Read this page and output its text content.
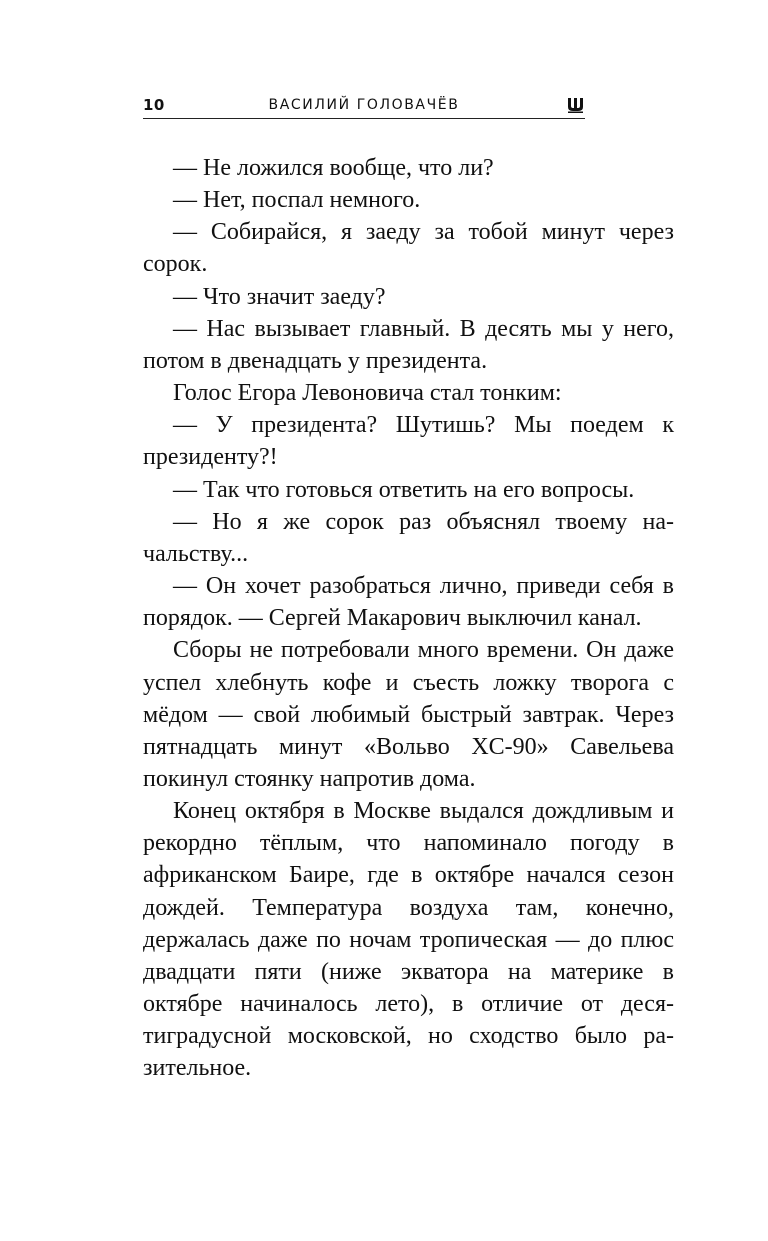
10	ВАСИЛИЙ ГОЛОВАЧЁВ

— Не ложился вообще, что ли?

— Нет, поспал немного.

— Собирайся, я заеду за тобой минут через сорок.

— Что значит заеду?

— Нас вызывает главный. В десять мы у него, потом в двенадцать у президента.

Голос Егора Левоновича стал тонким:

— У президента? Шутишь? Мы поедем к президенту?!

— Так что готовься ответить на его вопросы.

— Но я же сорок раз объяснял твоему начальству...

— Он хочет разобраться лично, приведи себя в порядок. — Сергей Макарович выключил канал.

Сборы не потребовали много времени. Он даже успел хлебнуть кофе и съесть ложку творога с мёдом — свой любимый быстрый завтрак. Через пятнадцать минут «Вольво XC-90» Савельева покинул стоянку напротив дома.

Конец октября в Москве выдался дождливым и рекордно тёплым, что напоминало погоду в африканском Баире, где в октябре начался сезон дождей. Температура воздуха там, конечно, держалась даже по ночам тропическая — до плюс двадцати пяти (ниже экватора на материке в октябре начиналось лето), в отличие от десятиградусной московской, но сходство было разительное.
